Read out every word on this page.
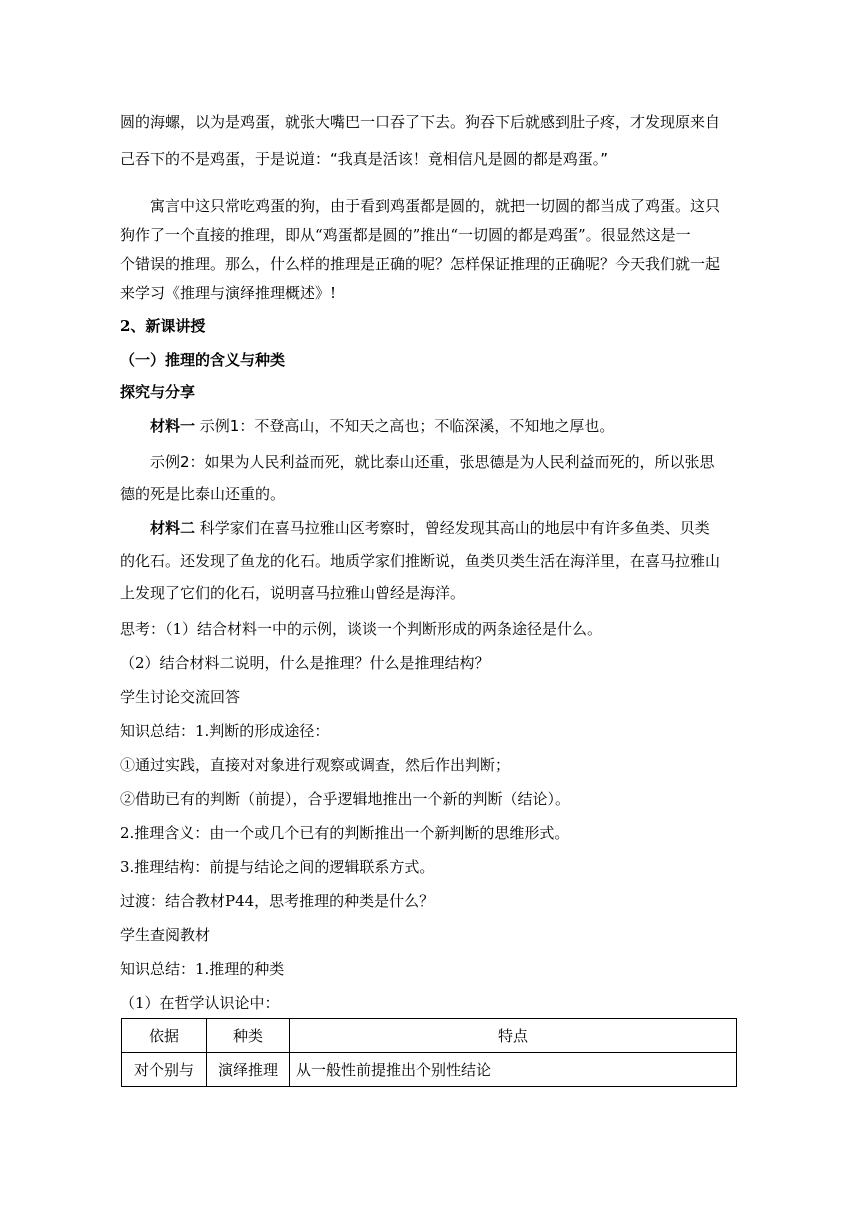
圆的海螺，以为是鸡蛋，就张大嘴巴一口吞了下去。狗吞下后就感到肚子疼，才发现原来自
己吞下的不是鸡蛋，于是说道：“我真是活该！竟相信凡是圆的都是鸡蛋。”
寓言中这只常吃鸡蛋的狗，由于看到鸡蛋都是圆的，就把一切圆的都当成了鸡蛋。这只
狗作了一个直接的推理，即从“鸡蛋都是圆的”推出“一切圆的都是鸡蛋”。很显然这是一
个错误的推理。那么，什么样的推理是正确的呢？怎样保证推理的正确呢？今天我们就一起
来学习《推理与演绎推理概述》!
2、新课讲授
（一）推理的含义与种类
探究与分享
材料一 示例1：不登高山，不知天之高也；不临深溪，不知地之厚也。
示例2：如果为人民利益而死，就比泰山还重，张思德是为人民利益而死的，所以张思
德的死是比泰山还重的。
材料二 科学家们在喜马拉雅山区考察时，曾经发现其高山的地层中有许多鱼类、贝类
的化石。还发现了鱼龙的化石。地质学家们推断说，鱼类贝类生活在海洋里，在喜马拉雅山
上发现了它们的化石，说明喜马拉雅山曾经是海洋。
思考：（1）结合材料一中的示例，谈谈一个判断形成的两条途径是什么。
（2）结合材料二说明，什么是推理？什么是推理结构？
学生讨论交流回答
知识总结：1.判断的形成途径：
①通过实践，直接对对象进行观察或调查，然后作出判断；
②借助已有的判断（前提），合乎逻辑地推出一个新的判断（结论）。
2.推理含义：由一个或几个已有的判断推出一个新判断的思维形式。
3.推理结构：前提与结论之间的逻辑联系方式。
过渡：结合教材P44，思考推理的种类是什么？
学生查阅教材
知识总结：1.推理的种类
（1）在哲学认识论中：
依据	种类	特点
对个别与	演绎推理	从一般性前提推出个别性结论
